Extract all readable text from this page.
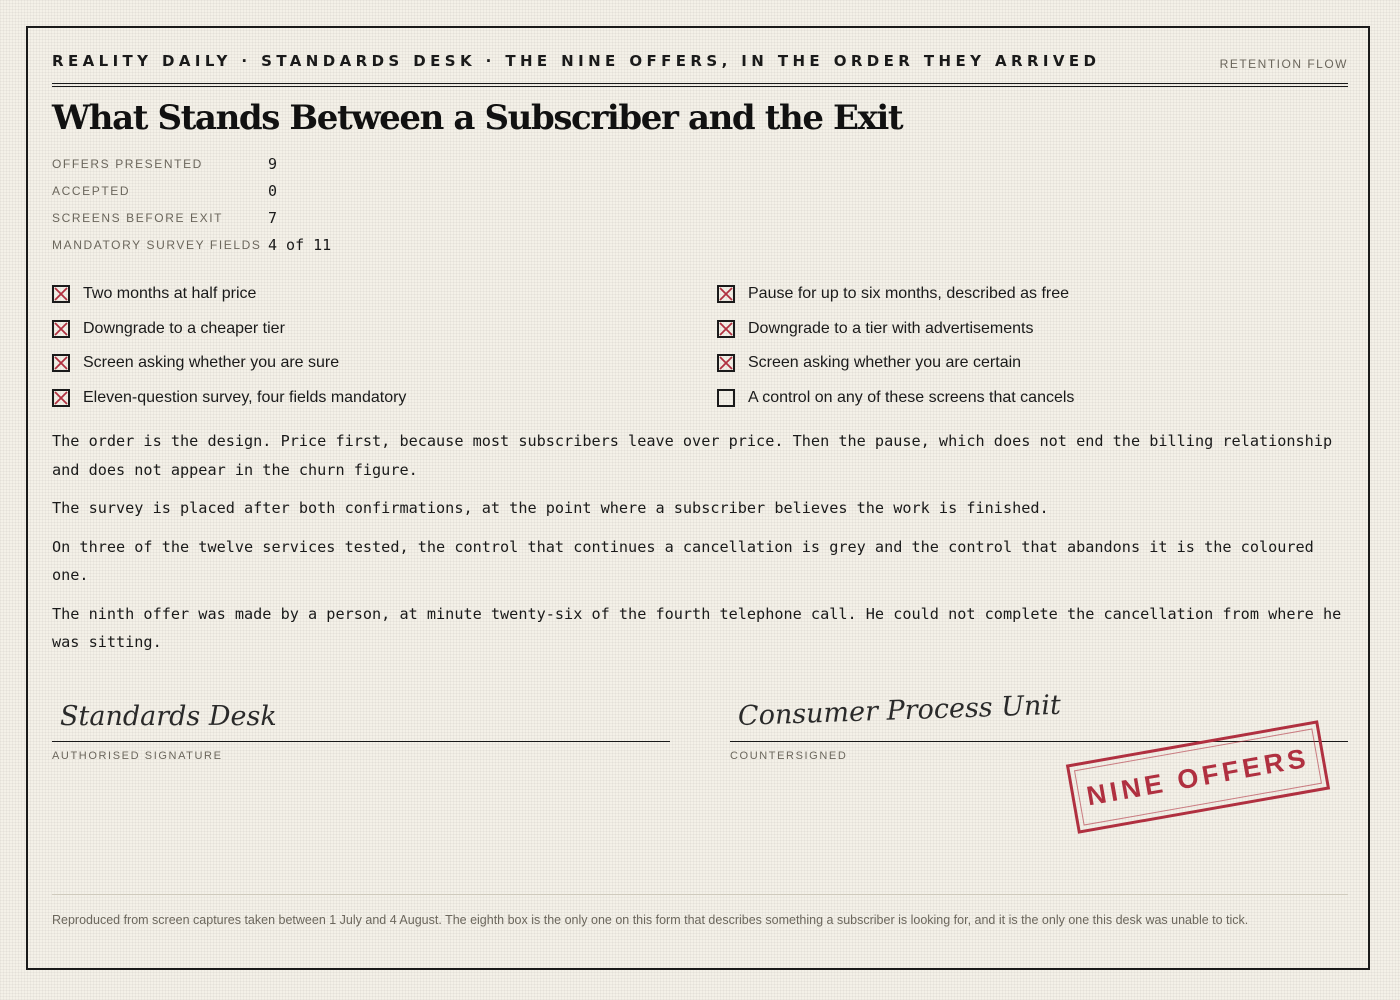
REALITY DAILY · STANDARDS DESK · THE NINE OFFERS, IN THE ORDER THEY ARRIVED	RETENTION FLOW
What Stands Between a Subscriber and the Exit
OFFERS PRESENTED	9
ACCEPTED	0
SCREENS BEFORE EXIT	7
MANDATORY SURVEY FIELDS 4 of 11
Two months at half price	Pause for up to six months, described as free
Downgrade to a cheaper tier	Downgrade to a tier with advertisements
Screen asking whether you are sure	Screen asking whether you are certain
Eleven-question survey, four fields mandatory	A control on any of these screens that cancels

The order is the design. Price first, because most subscribers leave over price. Then the pause, which does not end the billing relationship and does not appear in the churn figure.

The survey is placed after both confirmations, at the point where a subscriber believes the work is finished.

On three of the twelve services tested, the control that continues a cancellation is grey and the control that abandons it is the coloured one.

The ninth offer was made by a person, at minute twenty-six of the fourth telephone call. He could not complete the cancellation from where he was sitting.

Standards Desk
AUTHORISED SIGNATURE
Consumer Process Unit
COUNTERSIGNED	NINE OFFERS
Reproduced from screen captures taken between 1 July and 4 August. The eighth box is the only one on this form that describes something a subscriber is looking for, and it is the only one this desk was unable to tick.
